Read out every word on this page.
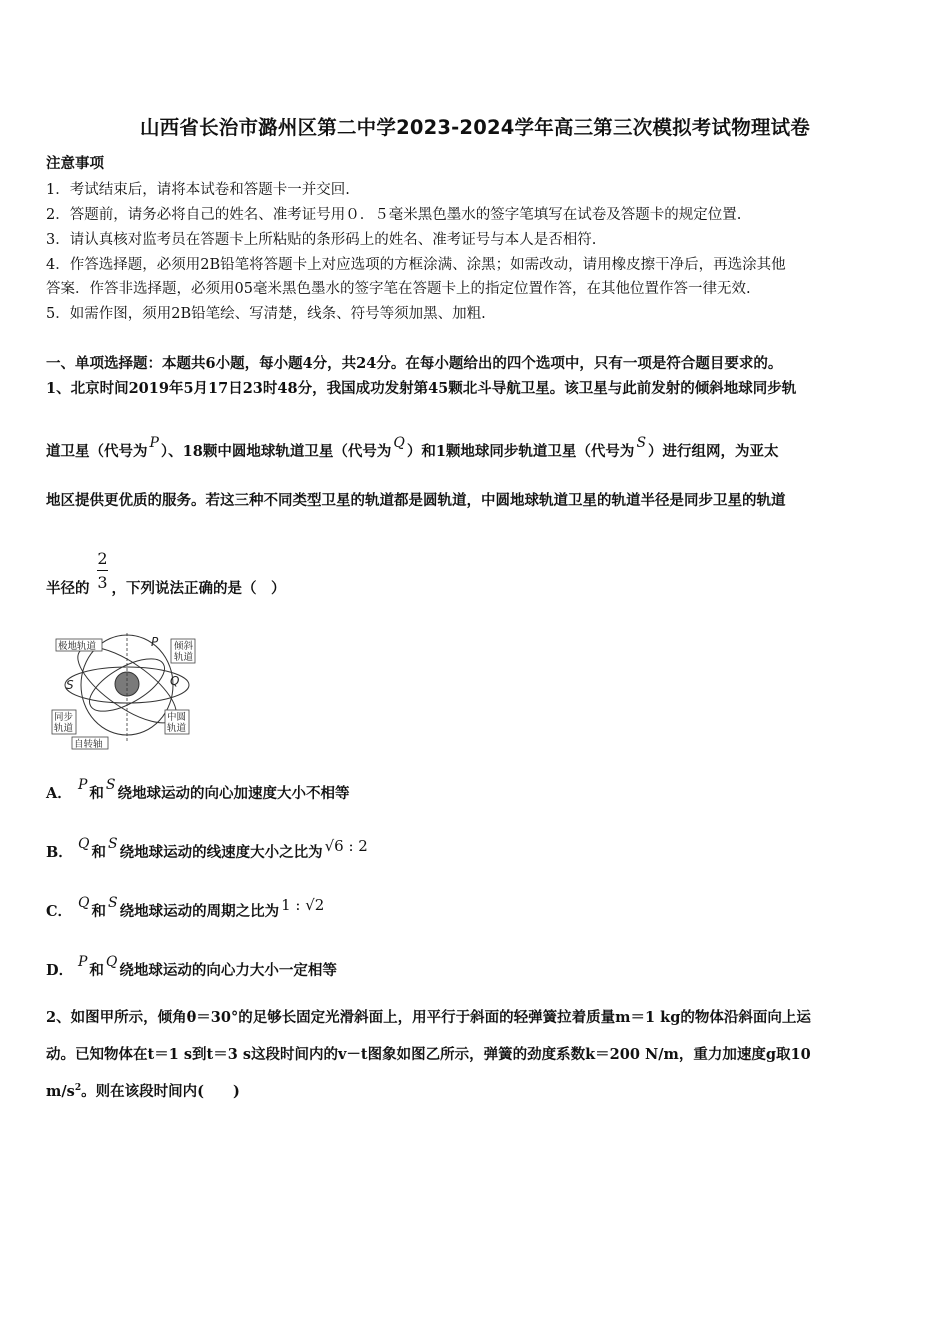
山西省长治市潞州区第二中学2023-2024学年高三第三次模拟考试物理试卷
注意事项
1．考试结束后，请将本试卷和答题卡一并交回.
2．答题前，请务必将自己的姓名、准考证号用０．５毫米黑色墨水的签字笔填写在试卷及答题卡的规定位置.
3．请认真核对监考员在答题卡上所粘贴的条形码上的姓名、准考证号与本人是否相符.
4．作答选择题，必须用2B铅笔将答题卡上对应选项的方框涂满、涂黑；如需改动，请用橡皮擦干净后，再选涂其他
答案．作答非选择题，必须用05毫米黑色墨水的签字笔在答题卡上的指定位置作答，在其他位置作答一律无效.
5．如需作图，须用2B铅笔绘、写清楚，线条、符号等须加黑、加粗.
一、单项选择题：本题共6小题，每小题4分，共24分。在每小题给出的四个选项中，只有一项是符合题目要求的。
1、北京时间2019年5月17日23时48分，我国成功发射第45颗北斗导航卫星。该卫星与此前发射的倾斜地球同步轨
道卫星（代号为 P ）、18颗中圆地球轨道卫星（代号为 Q ）和1颗地球同步轨道卫星（代号为 S ）进行组网，为亚太
地区提供更优质的服务。若这三种不同类型卫星的轨道都是圆轨道，中圆地球轨道卫星的轨道半径是同步卫星的轨道
半径的 ，下列说法正确的是（　）
2
3
极地轨道	倾斜
轨道
同步
轨道
中圆
轨道
自转轴
P
Q
S
A． P 和 S 绕地球运动的向心加速度大小不相等
B． Q 和 S 绕地球运动的线速度大小之比为 √6 : 2
C． Q 和 S 绕地球运动的周期之比为 1 : √2
D． P 和 Q 绕地球运动的向心力大小一定相等
2、如图甲所示，倾角θ＝30°的足够长固定光滑斜面上，用平行于斜面的轻弹簧拉着质量m＝1 kg的物体沿斜面向上运
动。已知物体在t＝1 s到t＝3 s这段时间内的v－t图象如图乙所示，弹簧的劲度系数k＝200 N/m，重力加速度g取10
$m/s^2$。则在该段时间内(　　)
